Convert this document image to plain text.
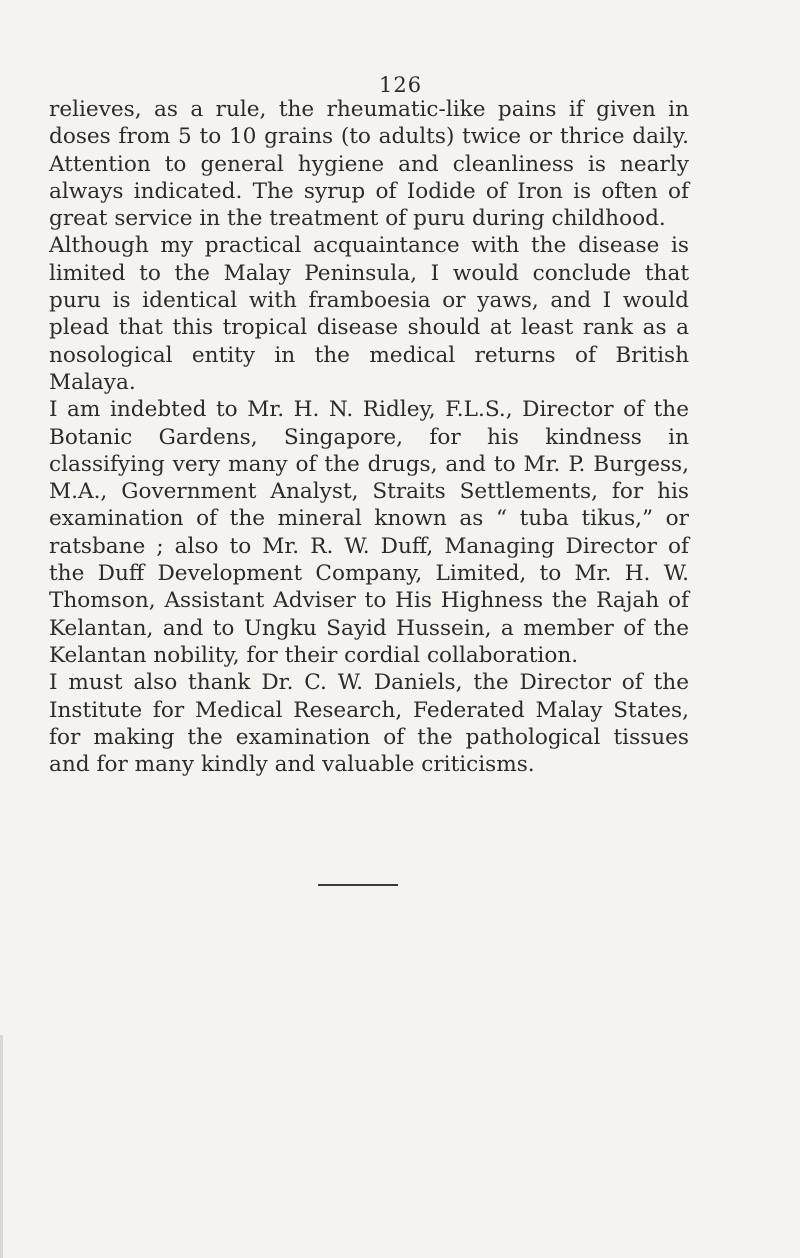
126

relieves, as a rule, the rheumatic-like pains if given in doses from 5 to 10 grains (to adults) twice or thrice daily. Attention to general hygiene and cleanliness is nearly always indicated. The syrup of Iodide of Iron is often of great service in the treatment of puru during childhood.

Although my practical acquaintance with the disease is limited to the Malay Peninsula, I would conclude that puru is identical with framboesia or yaws, and I would plead that this tropical disease should at least rank as a nosological entity in the medical returns of British Malaya.

I am indebted to Mr. H. N. Ridley, F.L.S., Director of the Botanic Gardens, Singapore, for his kindness in classifying very many of the drugs, and to Mr. P. Burgess, M.A., Government Analyst, Straits Settlements, for his examination of the mineral known as “ tuba tikus,” or ratsbane ; also to Mr. R. W. Duff, Managing Director of the Duff Development Company, Limited, to Mr. H. W. Thomson, Assistant Adviser to His Highness the Rajah of Kelantan, and to Ungku Sayid Hussein, a member of the Kelantan nobility, for their cordial collaboration.

I must also thank Dr. C. W. Daniels, the Director of the Institute for Medical Research, Federated Malay States, for making the examination of the pathological tissues and for many kindly and valuable criticisms.
